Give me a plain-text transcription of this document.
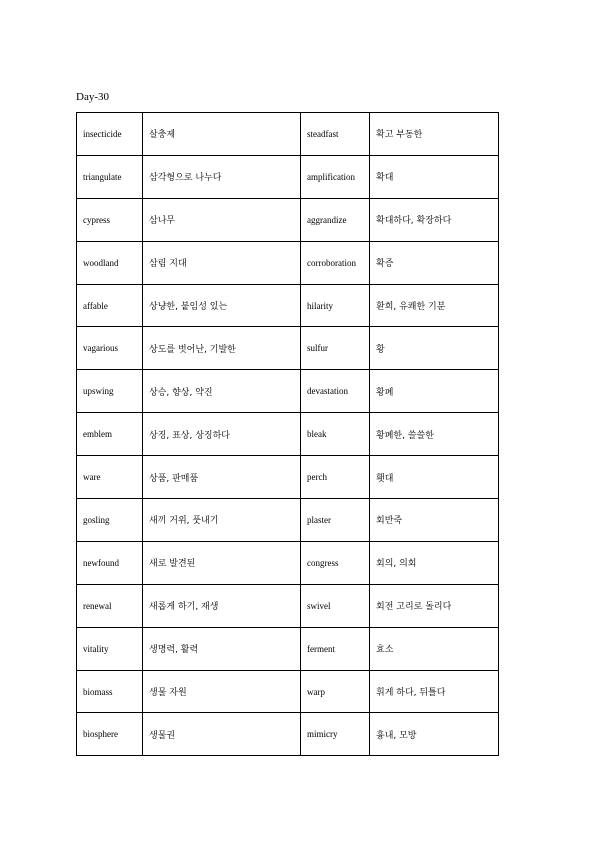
Day-30
insecticide	살충제	steadfast	확고 부동한
triangulate	삼각형으로 나누다	amplification	확대
cypress	삼나무	aggrandize	확대하다, 확장하다
woodland	삼림 지대	corroboration	확증
affable	상냥한, 붙임성 있는	hilarity	환희, 유쾌한 기분
vagarious	상도를 벗어난, 기발한	sulfur	황
upswing	상승, 향상, 약진	devastation	황폐
emblem	상징, 표상, 상징하다	bleak	황폐한, 쓸쓸한
ware	상품, 판매품	perch	횃대
gosling	새끼 거위, 풋내기	plaster	회반죽
newfound	새로 발견된	congress	회의, 의회
renewal	새롭게 하기, 재생	swivel	회전 고리로 돌리다
vitality	생명력, 활력	ferment	효소
biomass	생물 자원	warp	휘게 하다, 뒤틀다
biosphere	생물권	mimicry	흉내, 모방
